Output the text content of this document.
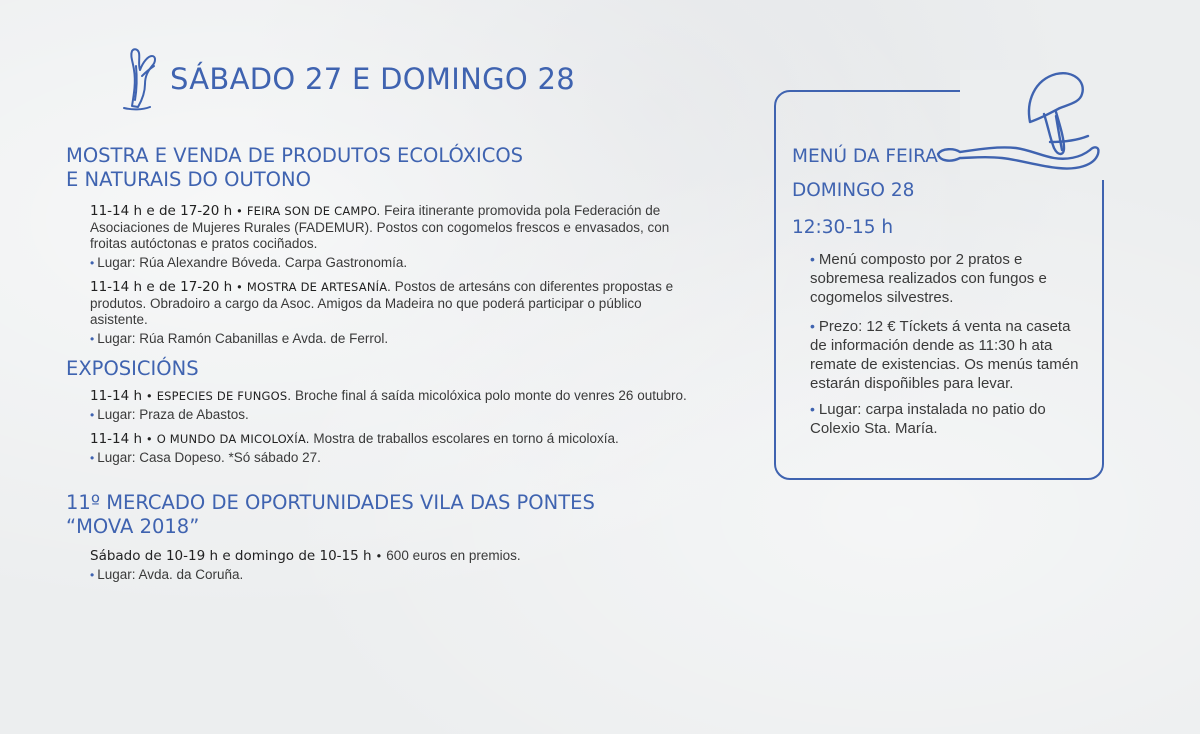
SÁBADO 27 E DOMINGO 28
MOSTRA E VENDA DE PRODUTOS ECOLÓXICOS
E NATURAIS DO OUTONO
11-14 h e de 17-20 h • FEIRA SON DE CAMPO. Feira itinerante promovida pola Federación de Asociaciones de Mujeres Rurales (FADEMUR). Postos con cogomelos frescos e envasados, con froitas autóctonas e pratos cociñados.
• Lugar: Rúa Alexandre Bóveda. Carpa Gastronomía.
11-14 h e de 17-20 h • MOSTRA DE ARTESANÍA. Postos de artesáns con diferentes propostas e produtos. Obradoiro a cargo da Asoc. Amigos da Madeira no que poderá participar o público asistente.
• Lugar: Rúa Ramón Cabanillas e Avda. de Ferrol.
EXPOSICIÓNS
11-14 h • ESPECIES DE FUNGOS. Broche final á saída micolóxica polo monte do venres 26 outubro.
• Lugar: Praza de Abastos.
11-14 h • O MUNDO DA MICOLOXÍA. Mostra de traballos escolares en torno á micoloxía.
• Lugar: Casa Dopeso. *Só sábado 27.
11º MERCADO DE OPORTUNIDADES VILA DAS PONTES
“MOVA 2018”
Sábado de 10-19 h e domingo de 10-15 h • 600 euros en premios.
• Lugar: Avda. da Coruña.
MENÚ DA FEIRA
DOMINGO 28
12:30-15 h
• Menú composto por 2 pratos e sobremesa realizados con fungos e cogomelos silvestres.
• Prezo: 12 € Tíckets á venta na caseta de información dende as 11:30 h ata remate de existencias. Os menús tamén estarán dispoñibles para levar.
• Lugar: carpa instalada no patio do Colexio Sta. María.
